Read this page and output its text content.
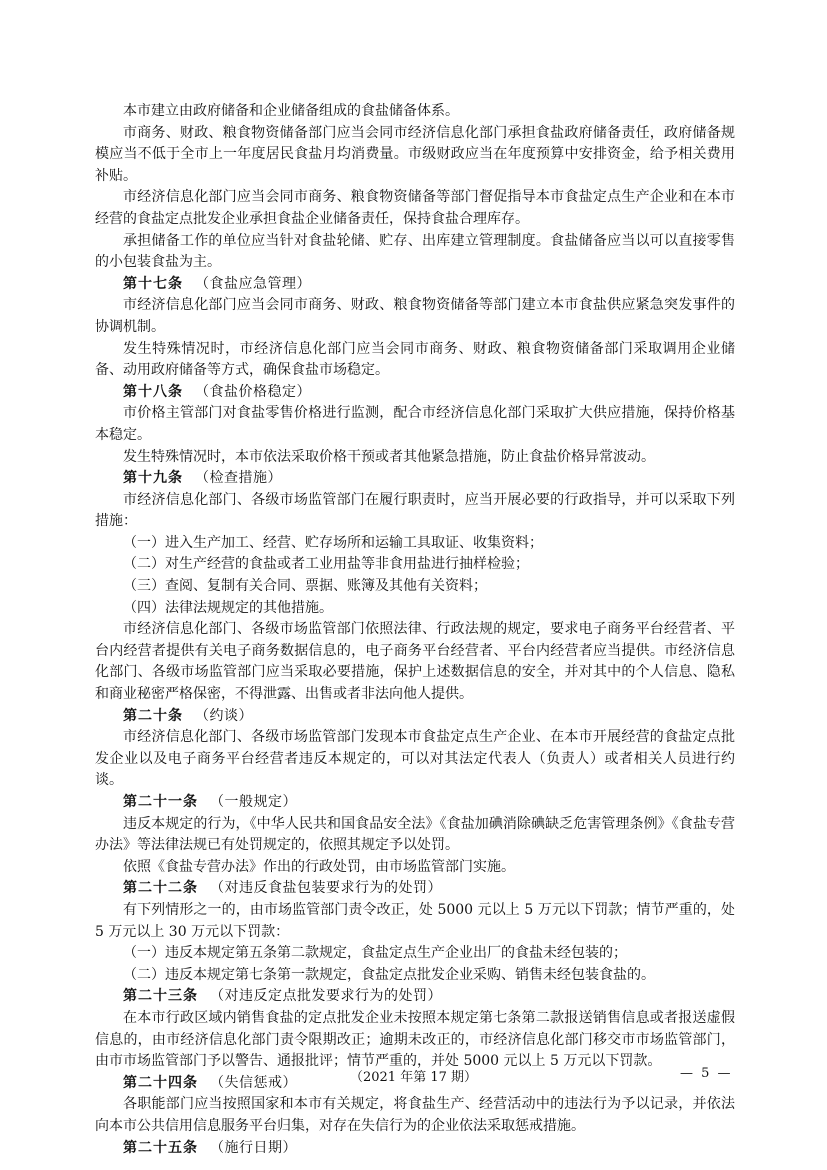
本市建立由政府储备和企业储备组成的食盐储备体系。

市商务、财政、粮食物资储备部门应当会同市经济信息化部门承担食盐政府储备责任，政府储备规模应当不低于全市上一年度居民食盐月均消费量。市级财政应当在年度预算中安排资金，给予相关费用补贴。

市经济信息化部门应当会同市商务、粮食物资储备等部门督促指导本市食盐定点生产企业和在本市经营的食盐定点批发企业承担食盐企业储备责任，保持食盐合理库存。

承担储备工作的单位应当针对食盐轮储、贮存、出库建立管理制度。食盐储备应当以可以直接零售的小包装食盐为主。

第十七条 （食盐应急管理）

市经济信息化部门应当会同市商务、财政、粮食物资储备等部门建立本市食盐供应紧急突发事件的协调机制。

发生特殊情况时，市经济信息化部门应当会同市商务、财政、粮食物资储备部门采取调用企业储备、动用政府储备等方式，确保食盐市场稳定。

第十八条 （食盐价格稳定）

市价格主管部门对食盐零售价格进行监测，配合市经济信息化部门采取扩大供应措施，保持价格基本稳定。

发生特殊情况时，本市依法采取价格干预或者其他紧急措施，防止食盐价格异常波动。

第十九条 （检查措施）

市经济信息化部门、各级市场监管部门在履行职责时，应当开展必要的行政指导，并可以采取下列措施：

（一）进入生产加工、经营、贮存场所和运输工具取证、收集资料；

（二）对生产经营的食盐或者工业用盐等非食用盐进行抽样检验；

（三）查阅、复制有关合同、票据、账簿及其他有关资料；

（四）法律法规规定的其他措施。

市经济信息化部门、各级市场监管部门依照法律、行政法规的规定，要求电子商务平台经营者、平台内经营者提供有关电子商务数据信息的，电子商务平台经营者、平台内经营者应当提供。市经济信息化部门、各级市场监管部门应当采取必要措施，保护上述数据信息的安全，并对其中的个人信息、隐私和商业秘密严格保密，不得泄露、出售或者非法向他人提供。

第二十条 （约谈）

市经济信息化部门、各级市场监管部门发现本市食盐定点生产企业、在本市开展经营的食盐定点批发企业以及电子商务平台经营者违反本规定的，可以对其法定代表人（负责人）或者相关人员进行约谈。

第二十一条 （一般规定）

违反本规定的行为，《中华人民共和国食品安全法》《食盐加碘消除碘缺乏危害管理条例》《食盐专营办法》等法律法规已有处罚规定的，依照其规定予以处罚。

依照《食盐专营办法》作出的行政处罚，由市场监管部门实施。

第二十二条 （对违反食盐包装要求行为的处罚）

有下列情形之一的，由市场监管部门责令改正，处 5000 元以上 5 万元以下罚款；情节严重的，处 5 万元以上 30 万元以下罚款：

（一）违反本规定第五条第二款规定，食盐定点生产企业出厂的食盐未经包装的；

（二）违反本规定第七条第一款规定，食盐定点批发企业采购、销售未经包装食盐的。

第二十三条 （对违反定点批发要求行为的处罚）

在本市行政区域内销售食盐的定点批发企业未按照本规定第七条第二款报送销售信息或者报送虚假信息的，由市经济信息化部门责令限期改正；逾期未改正的，市经济信息化部门移交市市场监管部门，由市市场监管部门予以警告、通报批评；情节严重的，并处 5000 元以上 5 万元以下罚款。

第二十四条 （失信惩戒）

各职能部门应当按照国家和本市有关规定，将食盐生产、经营活动中的违法行为予以记录，并依法向本市公共信用信息服务平台归集，对存在失信行为的企业依法采取惩戒措施。

第二十五条 （施行日期）
（2021 年第 17 期）	— 5 —
